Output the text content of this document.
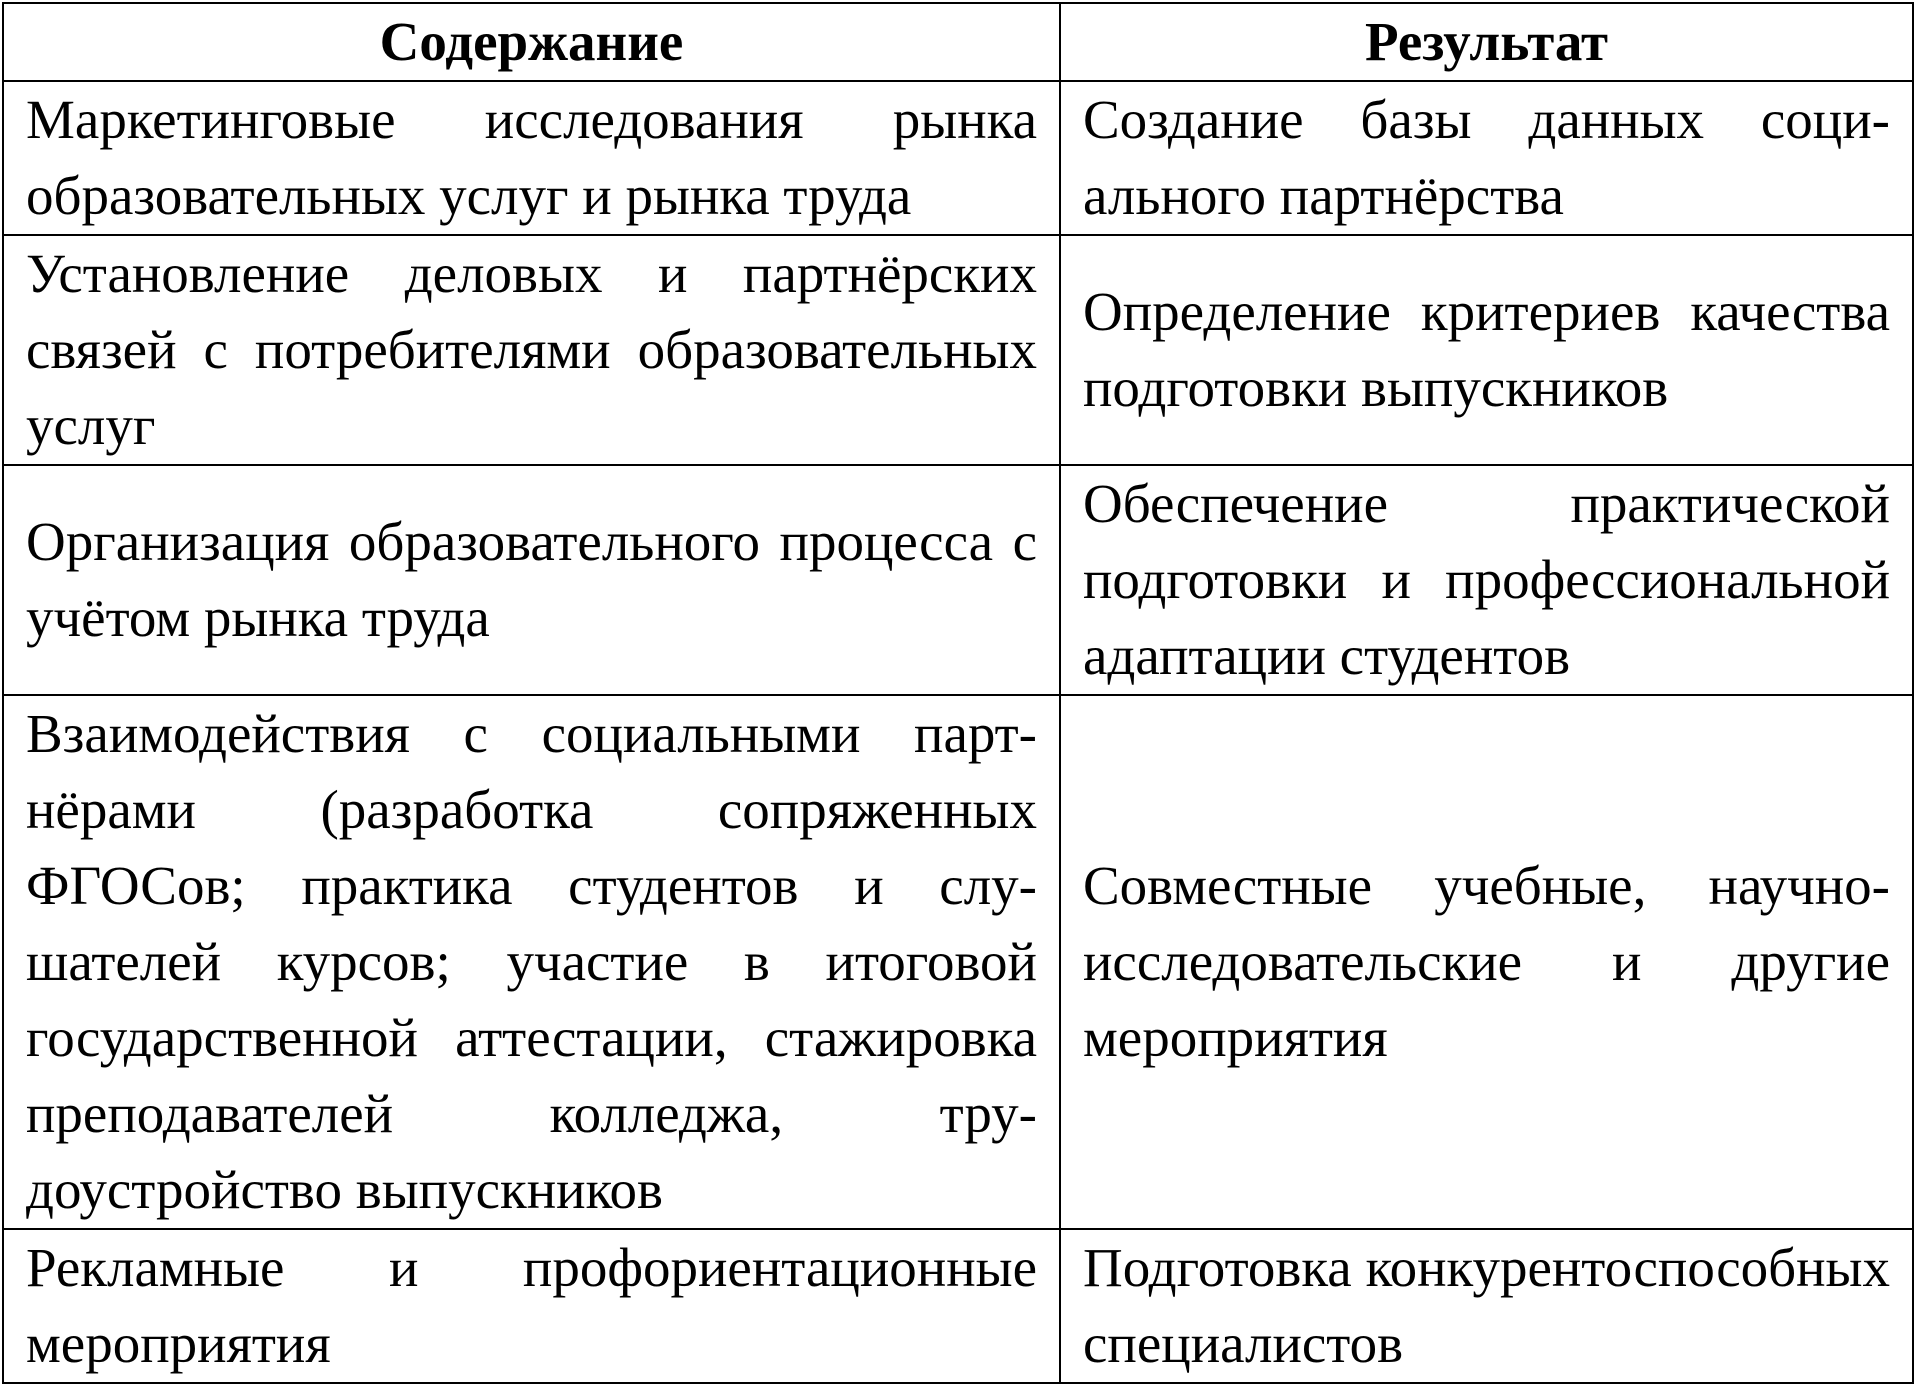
Содержание	Результат
Маркетинговые исследования рынка образовательных услуг и рынка труда	Создание базы данных социального партнёрства
Установление деловых и партнёрских связей с потребителями образовательных услуг	Определение критериев качества подготовки выпускников
Организация образовательного процесса с учётом рынка труда	Обеспечение практической подготовки и профессиональной адаптации студентов
Взаимодействия с социальными партнёрами (разработка сопряженных ФГОСов; практика студентов и слушателей курсов; участие в итоговой государственной аттестации, стажировка преподавателей колледжа, трудоустройство выпускников	Совместные учебные, научно-исследовательские и другие мероприятия
Рекламные и профориентационные мероприятия	Подготовка конкурентоспособных специалистов
